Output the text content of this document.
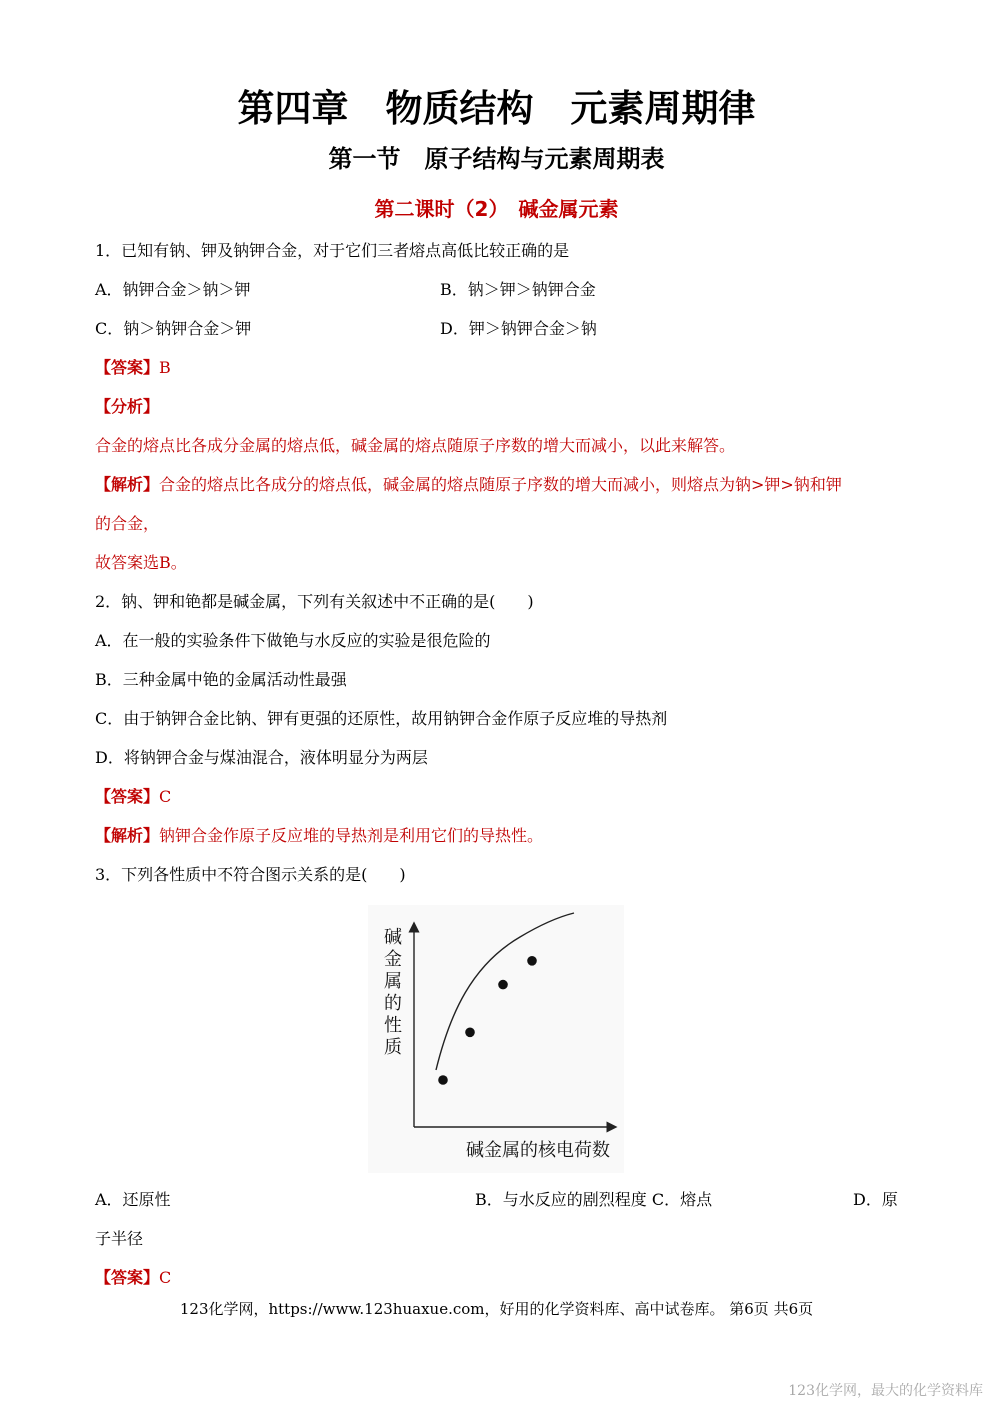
第四章　物质结构　元素周期律
第一节　原子结构与元素周期表
第二课时（2）　碱金属元素
1．已知有钠、钾及钠钾合金，对于它们三者熔点高低比较正确的是
A．钠钾合金＞钠＞钾	B．钠＞钾＞钠钾合金
C．钠＞钠钾合金＞钾	D．钾＞钠钾合金＞钠
【答案】B
【分析】
合金的熔点比各成分金属的熔点低，碱金属的熔点随原子序数的增大而减小，以此来解答。
【解析】合金的熔点比各成分的熔点低，碱金属的熔点随原子序数的增大而减小，则熔点为钠>钾>钠和钾
的合金，
故答案选B。
2．钠、钾和铯都是碱金属，下列有关叙述中不正确的是(　　)
A．在一般的实验条件下做铯与水反应的实验是很危险的
B．三种金属中铯的金属活动性最强
C．由于钠钾合金比钠、钾有更强的还原性，故用钠钾合金作原子反应堆的导热剂
D．将钠钾合金与煤油混合，液体明显分为两层
【答案】C
【解析】钠钾合金作原子反应堆的导热剂是利用它们的导热性。
3．下列各性质中不符合图示关系的是(　　)
碱
金
属
的
性
质
碱金属的核电荷数
A．还原性	B．与水反应的剧烈程度 C．熔点	D．原
子半径
【答案】C
123化学网，https://www.123huaxue.com，好用的化学资料库、高中试卷库。 第6页 共6页
123化学网，最大的化学资料库
